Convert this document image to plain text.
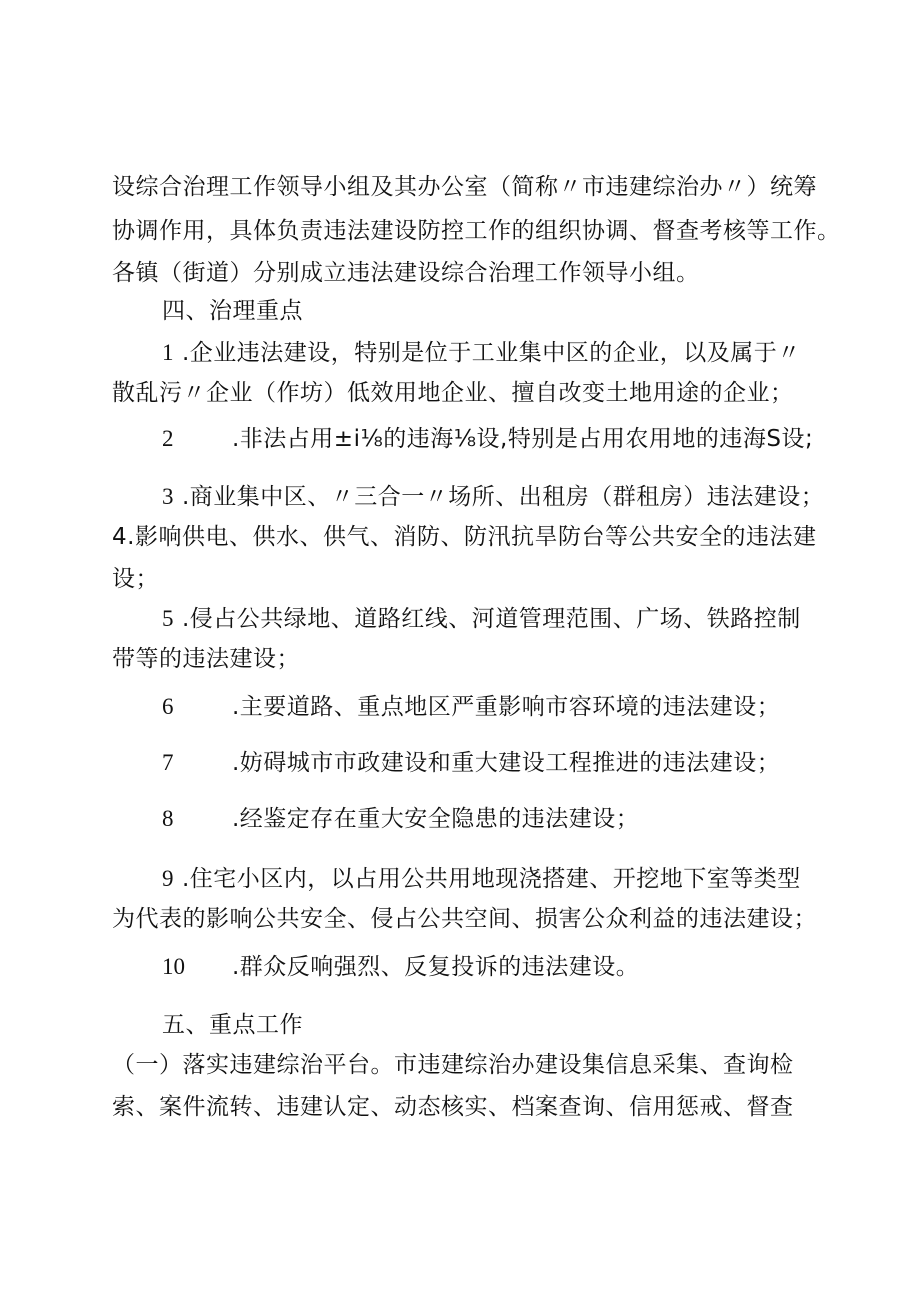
设综合治理工作领导小组及其办公室（简称〃市违建综治办〃）统筹
协调作用，具体负责违法建设防控工作的组织协调、督查考核等工作。
各镇（街道）分别成立违法建设综合治理工作领导小组。
四、治理重点
1 .企业违法建设，特别是位于工业集中区的企业，以及属于〃
散乱污〃企业（作坊）低效用地企业、擅自改变土地用途的企业；
2	.非法占用±i⅛的违海⅛设,特别是占用农用地的违海S设;
3 .商业集中区、〃三合一〃场所、出租房（群租房）违法建设；
4.影响供电、供水、供气、消防、防汛抗旱防台等公共安全的违法建
设；
5 .侵占公共绿地、道路红线、河道管理范围、广场、铁路控制
带等的违法建设；
6	.主要道路、重点地区严重影响市容环境的违法建设；
7	.妨碍城市市政建设和重大建设工程推进的违法建设；
8	.经鉴定存在重大安全隐患的违法建设；
9 .住宅小区内，以占用公共用地现浇搭建、开挖地下室等类型
为代表的影响公共安全、侵占公共空间、损害公众利益的违法建设；
10 .群众反响强烈、反复投诉的违法建设。
五、重点工作
（一）落实违建综治平台。市违建综治办建设集信息采集、查询检
索、案件流转、违建认定、动态核实、档案查询、信用惩戒、督查
